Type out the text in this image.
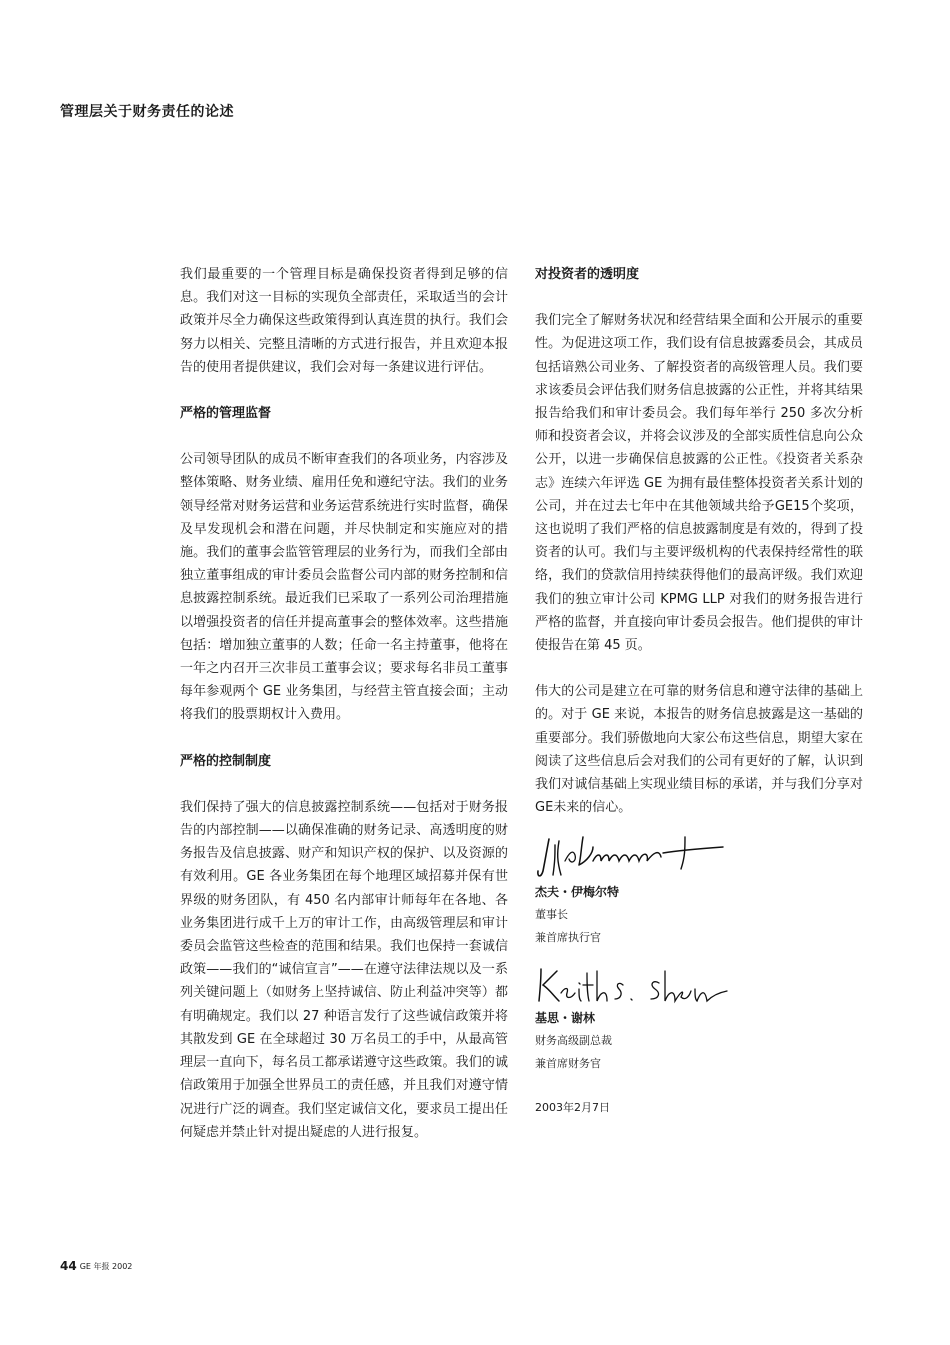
管理层关于财务责任的论述

我们最重要的一个管理目标是确保投资者得到足够的信息。我们对这一目标的实现负全部责任，采取适当的会计政策并尽全力确保这些政策得到认真连贯的执行。我们会努力以相关、完整且清晰的方式进行报告，并且欢迎本报告的使用者提供建议，我们会对每一条建议进行评估。

严格的管理监督

公司领导团队的成员不断审查我们的各项业务，内容涉及整体策略、财务业绩、雇用任免和遵纪守法。我们的业务领导经常对财务运营和业务运营系统进行实时监督，确保及早发现机会和潜在问题，并尽快制定和实施应对的措施。我们的董事会监管管理层的业务行为，而我们全部由独立董事组成的审计委员会监督公司内部的财务控制和信息披露控制系统。最近我们已采取了一系列公司治理措施以增强投资者的信任并提高董事会的整体效率。这些措施包括：增加独立董事的人数；任命一名主持董事，他将在一年之内召开三次非员工董事会议；要求每名非员工董事每年参观两个 GE 业务集团，与经营主管直接会面；主动将我们的股票期权计入费用。

严格的控制制度

我们保持了强大的信息披露控制系统——包括对于财务报告的内部控制——以确保准确的财务记录、高透明度的财务报告及信息披露、财产和知识产权的保护、以及资源的有效利用。GE 各业务集团在每个地理区域招募并保有世界级的财务团队，有 450 名内部审计师每年在各地、各业务集团进行成千上万的审计工作，由高级管理层和审计委员会监管这些检查的范围和结果。我们也保持一套诚信政策——我们的“诚信宣言”——在遵守法律法规以及一系列关键问题上（如财务上坚持诚信、防止利益冲突等）都有明确规定。我们以 27 种语言发行了这些诚信政策并将其散发到 GE 在全球超过 30 万名员工的手中，从最高管理层一直向下，每名员工都承诺遵守这些政策。我们的诚信政策用于加强全世界员工的责任感，并且我们对遵守情况进行广泛的调查。我们坚定诚信文化，要求员工提出任何疑虑并禁止针对提出疑虑的人进行报复。

对投资者的透明度

我们完全了解财务状况和经营结果全面和公开展示的重要性。为促进这项工作，我们设有信息披露委员会，其成员包括谙熟公司业务、了解投资者的高级管理人员。我们要求该委员会评估我们财务信息披露的公正性，并将其结果报告给我们和审计委员会。我们每年举行 250 多次分析师和投资者会议，并将会议涉及的全部实质性信息向公众公开，以进一步确保信息披露的公正性。《投资者关系杂志》连续六年评选 GE 为拥有最佳整体投资者关系计划的公司，并在过去七年中在其他领域共给予GE15个奖项，这也说明了我们严格的信息披露制度是有效的，得到了投资者的认可。我们与主要评级机构的代表保持经常性的联络，我们的贷款信用持续获得他们的最高评级。我们欢迎我们的独立审计公司 KPMG LLP 对我们的财务报告进行严格的监督，并直接向审计委员会报告。他们提供的审计使报告在第 45 页。

伟大的公司是建立在可靠的财务信息和遵守法律的基础上的。对于 GE 来说，本报告的财务信息披露是这一基础的重要部分。我们骄傲地向大家公布这些信息，期望大家在阅读了这些信息后会对我们的公司有更好的了解，认识到我们对诚信基础上实现业绩目标的承诺，并与我们分享对GE未来的信心。

杰夫・伊梅尔特

董事长

兼首席执行官

基思・谢林

财务高级副总裁

兼首席财务官

2003年2月7日

44 GE 年报 2002
